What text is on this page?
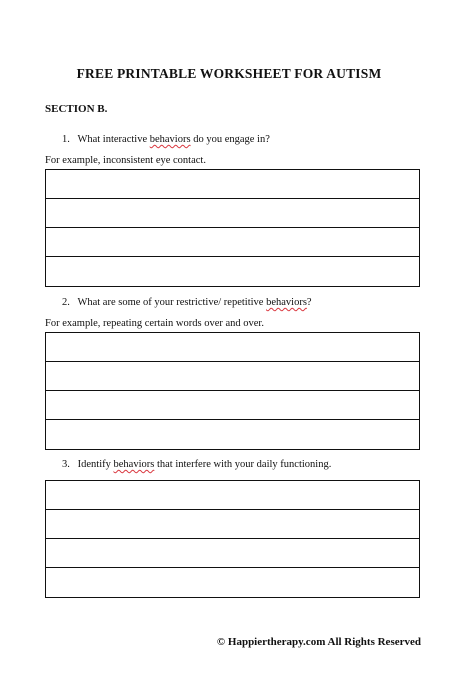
FREE PRINTABLE WORKSHEET FOR AUTISM
SECTION B.
1. What interactive behaviors do you engage in?
For example, inconsistent eye contact.
2. What are some of your restrictive/ repetitive behaviors?
For example, repeating certain words over and over.
3. Identify behaviors that interfere with your daily functioning.
© Happiertherapy.com All Rights Reserved
